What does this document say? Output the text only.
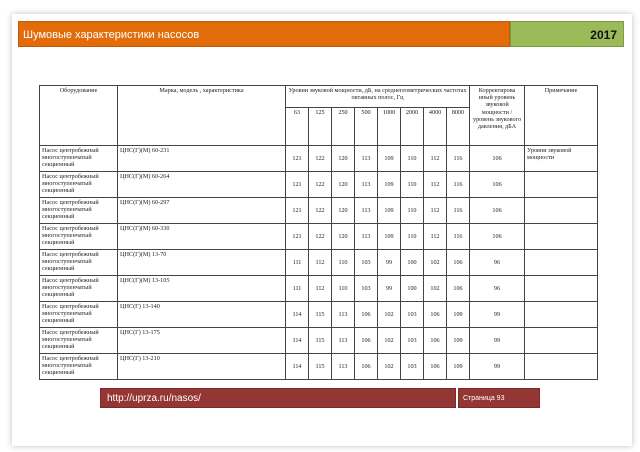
Шумовые характеристики насосов	2017
Оборудование	Марка, модель , характеристика	Уровни звуковой мощности, дБ, на среднегеометрических частотах октавных полос, Гц								Корректирова нный уровень звуковой мощности / уровень звукового давления, дБА	Примечание
		63	125	250	500	1000	2000	4000	8000		
Насос центробежный многоступенчатый секционный	ЦНС(Г)(М) 60-231	121	122	120	113	109	110	112	116	106	Уровни звуковой мощности
Насос центробежный многоступенчатый секционный	ЦНС(Г)(М) 60-264	121	122	120	113	109	110	112	116	106	
Насос центробежный многоступенчатый секционный	ЦНС(Г)(М) 60-297	121	122	120	113	109	110	112	116	106	
Насос центробежный многоступенчатый секционный	ЦНС(Г)(М) 60-330	121	122	120	113	109	110	112	116	106	
Насос центробежный многоступенчатый секционный	ЦНС(Г)(М) 13-70	111	112	110	103	99	100	102	106	96	
Насос центробежный многоступенчатый секционный	ЦНС(Г)(М) 13-105	111	112	110	103	99	100	102	106	96	
Насос центробежный многоступенчатый секционный	ЦНС(Г) 13-140	114	115	113	106	102	103	106	109	99	
Насос центробежный многоступенчатый секционный	ЦНС(Г) 13-175	114	115	113	106	102	103	106	109	99	
Насос центробежный многоступенчатый секционный	ЦНС(Г) 13-210	114	115	113	106	102	103	106	109	99	
http://uprza.ru/nasos/	Страница 93
